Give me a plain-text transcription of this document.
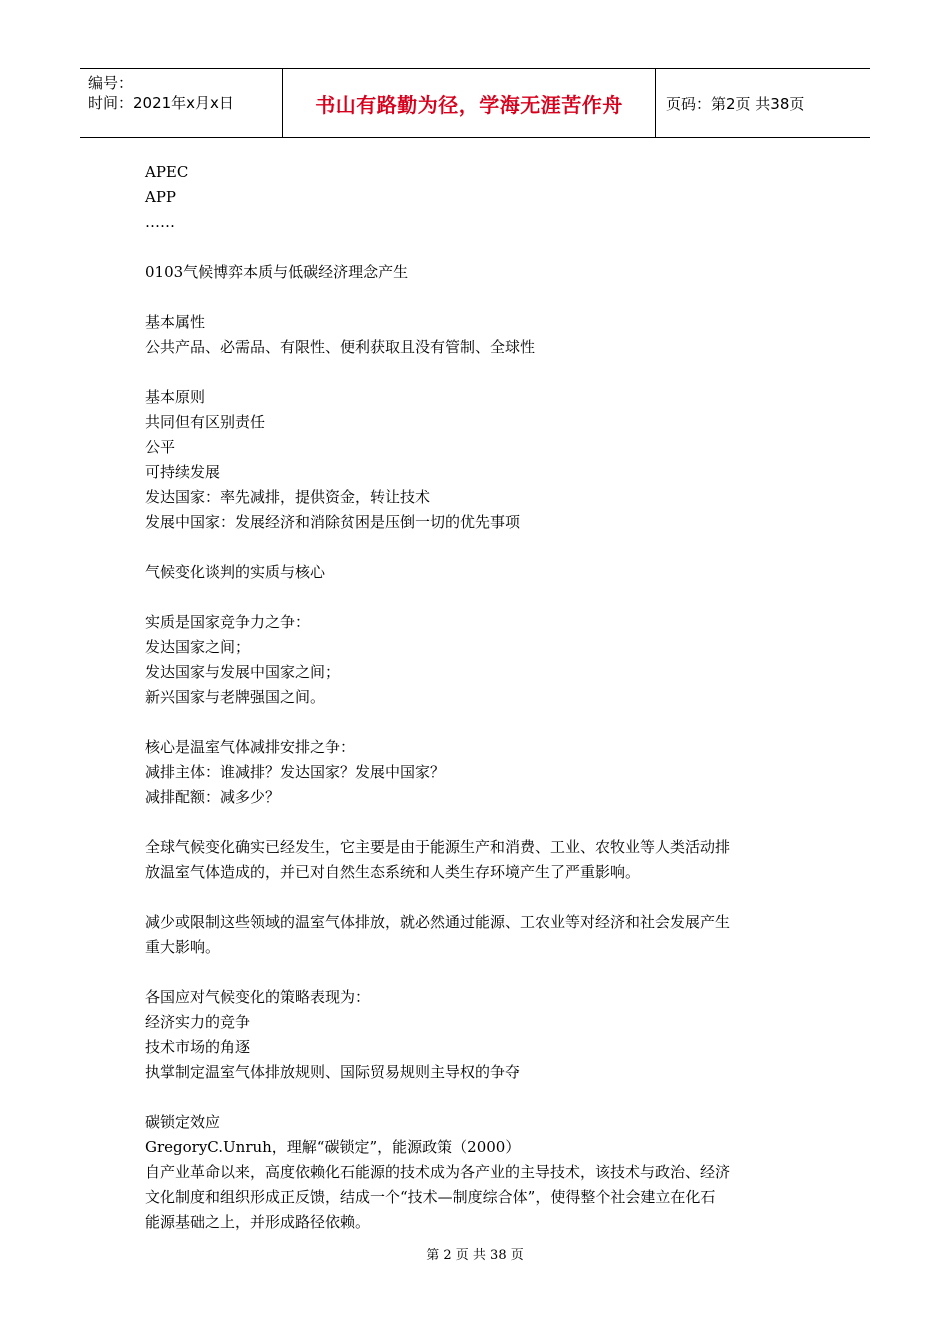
编号：
时间：2021年x月x日	书山有路勤为径，学海无涯苦作舟	页码：第2页 共38页

APEC

APP

……

0103气候博弈本质与低碳经济理念产生

基本属性

公共产品、必需品、有限性、便利获取且没有管制、全球性

基本原则

共同但有区别责任

公平

可持续发展

发达国家：率先减排，提供资金，转让技术

发展中国家：发展经济和消除贫困是压倒一切的优先事项

气候变化谈判的实质与核心

实质是国家竞争力之争：

发达国家之间；

发达国家与发展中国家之间；

新兴国家与老牌强国之间。

核心是温室气体减排安排之争：

减排主体：谁减排？发达国家？发展中国家？

减排配额：减多少？

全球气候变化确实已经发生，它主要是由于能源生产和消费、工业、农牧业等人类活动排

放温室气体造成的，并已对自然生态系统和人类生存环境产生了严重影响。

减少或限制这些领域的温室气体排放，就必然通过能源、工农业等对经济和社会发展产生

重大影响。

各国应对气候变化的策略表现为：

经济实力的竞争

技术市场的角逐

执掌制定温室气体排放规则、国际贸易规则主导权的争夺

碳锁定效应

GregoryC.Unruh，理解“碳锁定”，能源政策（2000）

自产业革命以来，高度依赖化石能源的技术成为各产业的主导技术，该技术与政治、经济

文化制度和组织形成正反馈，结成一个“技术—制度综合体”，使得整个社会建立在化石

能源基础之上，并形成路径依赖。

第 2 页 共 38 页
